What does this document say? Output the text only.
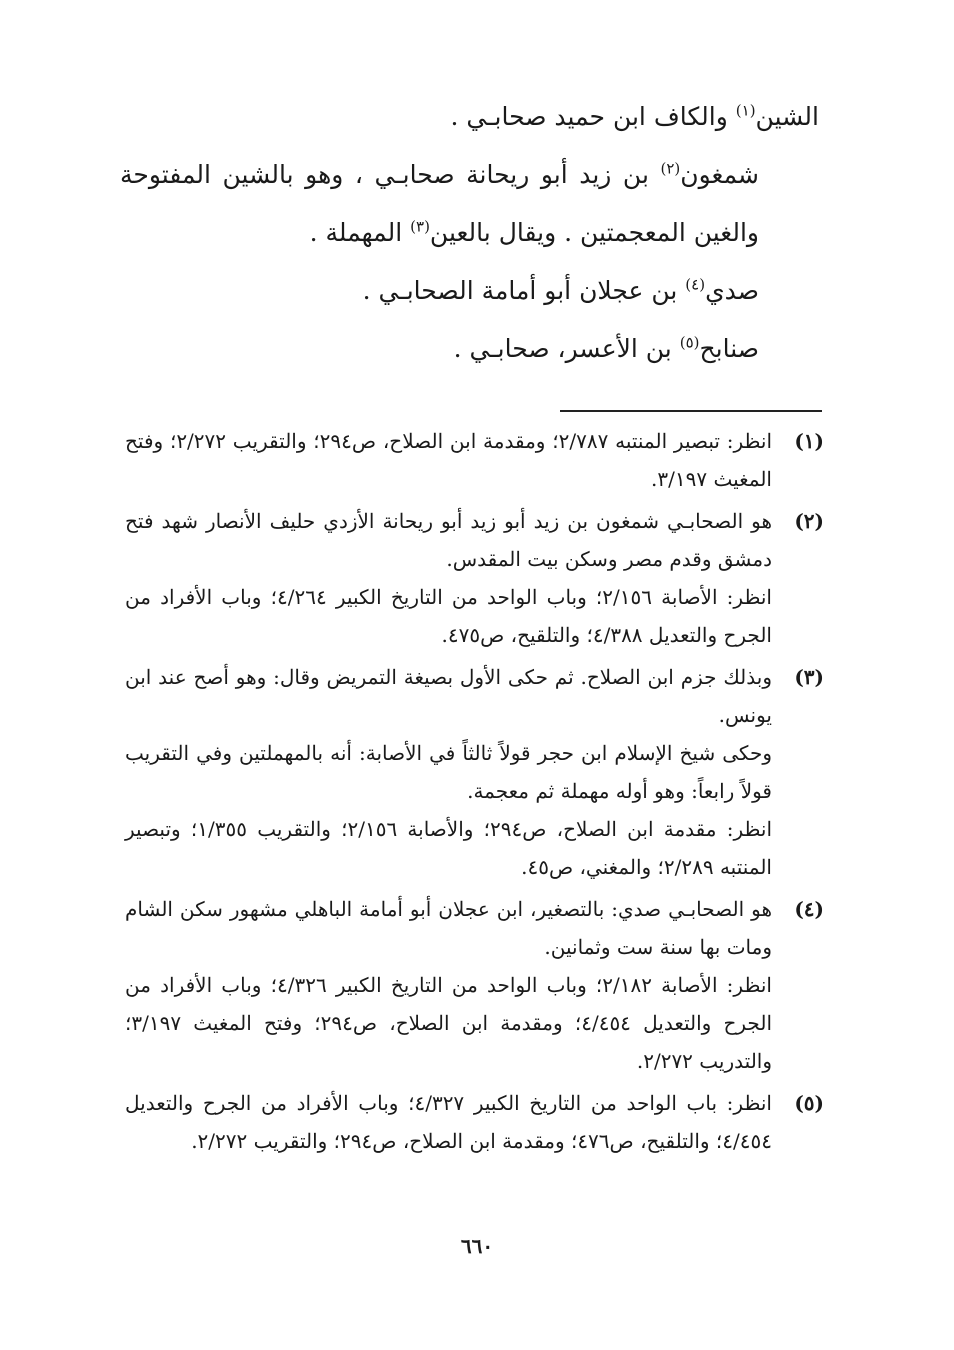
الشين$^{(١)}$ والكاف ابن حميد صحابـي .

شمغون$^{(٢)}$ بن زيد أبو ريحانة صحابـي ، وهو بالشين المفتوحة والغين المعجمتين . ويقال بالعين$^{(٣)}$ المهملة .

صدي$^{(٤)}$ بن عجلان أبو أمامة الصحابـي .

صنابح$^{(٥)}$ بن الأعسر، صحابـي .

(١)

انظر: تبصير المنتبه ٢/٧٨٧؛ ومقدمة ابن الصلاح، ص٢٩٤؛ والتقريب ٢/٢٧٢؛ وفتح المغيث ٣/١٩٧.

(٢)

هو الصحابـي شمغون بن زيد أبو زيد أبو ريحانة الأزدي حليف الأنصار شهد فتح دمشق وقدم مصر وسكن بيت المقدس.

انظر: الأصابة ٢/١٥٦؛ وباب الواحد من التاريخ الكبير ٤/٢٦٤؛ وباب الأفراد من الجرح والتعديل ٤/٣٨٨؛ والتلقيح، ص٤٧٥.

(٣)

وبذلك جزم ابن الصلاح. ثم حكى الأول بصيغة التمريض وقال: وهو أصح عند ابن يونس.

وحكى شيخ الإسلام ابن حجر قولاً ثالثاً في الأصابة: أنه بالمهملتين وفي التقريب قولاً رابعاً: وهو أوله مهملة ثم معجمة.

انظر: مقدمة ابن الصلاح، ص٢٩٤؛ والأصابة ٢/١٥٦؛ والتقريب ١/٣٥٥؛ وتبصير المنتبه ٢/٢٨٩؛ والمغني، ص٤٥.

(٤)

هو الصحابـي صدي: بالتصغير، ابن عجلان أبو أمامة الباهلي مشهور سكن الشام ومات بها سنة ست وثمانين.

انظر: الأصابة ٢/١٨٢؛ وباب الواحد من التاريخ الكبير ٤/٣٢٦؛ وباب الأفراد من الجرح والتعديل ٤/٤٥٤؛ ومقدمة ابن الصلاح، ص٢٩٤؛ وفتح المغيث ٣/١٩٧؛ والتدريب ٢/٢٧٢.

(٥)

انظر: باب الواحد من التاريخ الكبير ٤/٣٢٧؛ وباب الأفراد من الجرح والتعديل ٤/٤٥٤؛ والتلقيح، ص٤٧٦؛ ومقدمة ابن الصلاح، ص٢٩٤؛ والتقريب ٢/٢٧٢.

٦٦٠
